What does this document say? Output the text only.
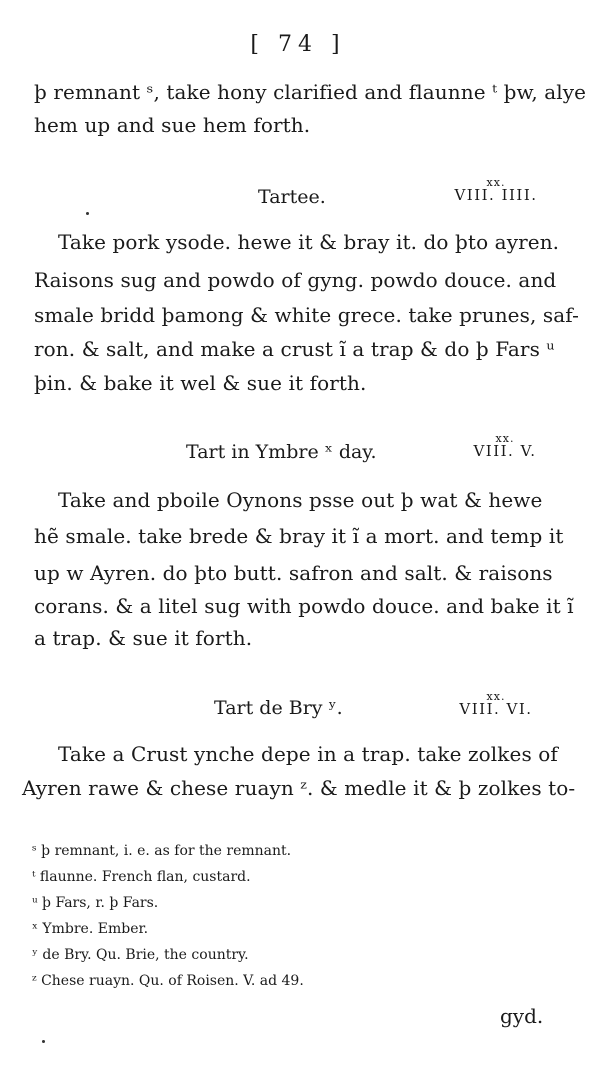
[ 74 ]
þ remnant ˢ, take hony clarified and flaunne ᵗ þw, alye
hem up and sue hem forth.
Tartee.
xx.
VIII. IIII.
Take pork ysode. hewe it & bray it. do þto ayren.
Raisons sug and powdo of gyng. powdo douce. and
smale bridd þamong & white grece. take prunes, saf-
ron. & salt, and make a crust ĩ a trap & do þ Fars ᵘ
þin. & bake it wel & sue it forth.
Tart in Ymbre ˣ day.
xx.
VIII. V.
Take and pboile Oynons psse out þ wat & hewe
hẽ smale. take brede & bray it ĩ a mort. and temp it
up w Ayren. do þto butt. safron and salt. & raisons
corans. & a litel sug with powdo douce. and bake it ĩ
a trap. & sue it forth.
Tart de Bry ʸ.
xx.
VIII. VI.
Take a Crust ynche depe in a trap. take zolkes of
Ayren rawe & chese ruayn ᶻ. & medle it & þ zolkes to-
ˢ þ remnant, i. e. as for the remnant.
ᵗ flaunne. French flan, custard.
ᵘ þ Fars, r. þ Fars.
ˣ Ymbre. Ember.
ʸ de Bry. Qu. Brie, the country.
ᶻ Chese ruayn. Qu. of Roisen. V. ad 49.
gyd.
